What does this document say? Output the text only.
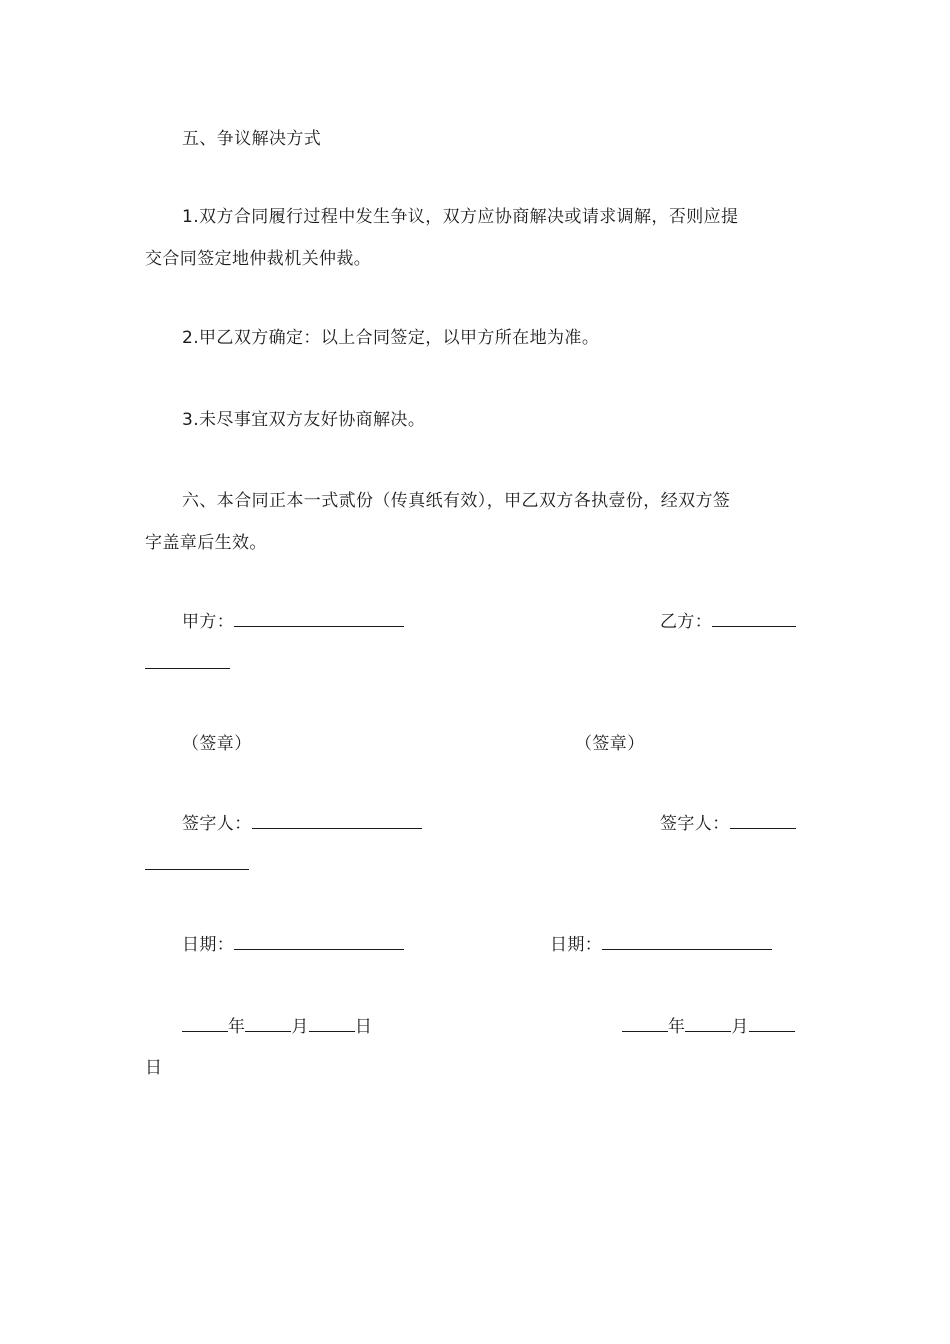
五、争议解决方式
1.双方合同履行过程中发生争议，双方应协商解决或请求调解，否则应提
交合同签定地仲裁机关仲裁。
2.甲乙双方确定：以上合同签定，以甲方所在地为准。
3.未尽事宜双方友好协商解决。
六、本合同正本一式贰份（传真纸有效），甲乙双方各执壹份，经双方签
字盖章后生效。
甲方：	乙方：
（签章）	（签章）
签字人：	签字人：
日期：	日期：
年	月	日	年	月
日
